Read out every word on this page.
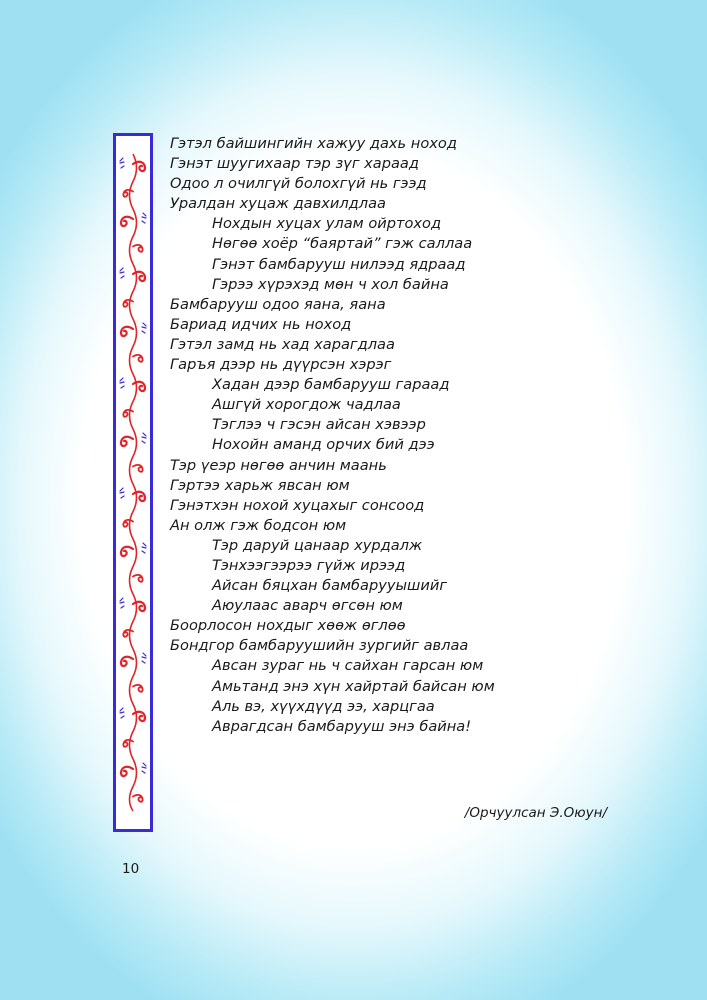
Гэтэл байшингийн хажуу дахь ноход
Гэнэт шуугихаар тэр зүг хараад
Одоо л очилгүй болохгүй нь гээд
Уралдан хуцаж давхилдлаа
Нохдын хуцах улам ойртоход
Нөгөө хоёр “баяртай” гэж саллаа
Гэнэт бамбарууш нилээд ядраад
Гэрээ хүрэхэд мөн ч хол байна
Бамбарууш одоо яана, яана
Бариад идчих нь ноход
Гэтэл замд нь хад харагдлаа
Гаръя дээр нь дүүрсэн хэрэг
Хадан дээр бамбарууш гараад
Ашгүй хорогдож чадлаа
Тэглээ ч гэсэн айсан хэвээр
Нохойн аманд орчих бий дээ
Тэр үеэр нөгөө анчин маань
Гэртээ харьж явсан юм
Гэнэтхэн нохой хуцахыг сонсоод
Ан олж гэж бодсон юм
Тэр даруй цанаар хурдалж
Тэнхээгээрээ гүйж ирээд
Айсан бяцхан бамбарууышийг
Аюулаас аварч өгсөн юм
Боорлосон нохдыг хөөж өглөө
Бондгор бамбаруушийн зургийг авлаа
Авсан зураг нь ч сайхан гарсан юм
Амьтанд энэ хүн хайртай байсан юм
Аль вэ, хүүхдүүд ээ, харцгаа
Аврагдсан бамбарууш энэ байна!
/Орчуулсан Э.Оюун/
10
